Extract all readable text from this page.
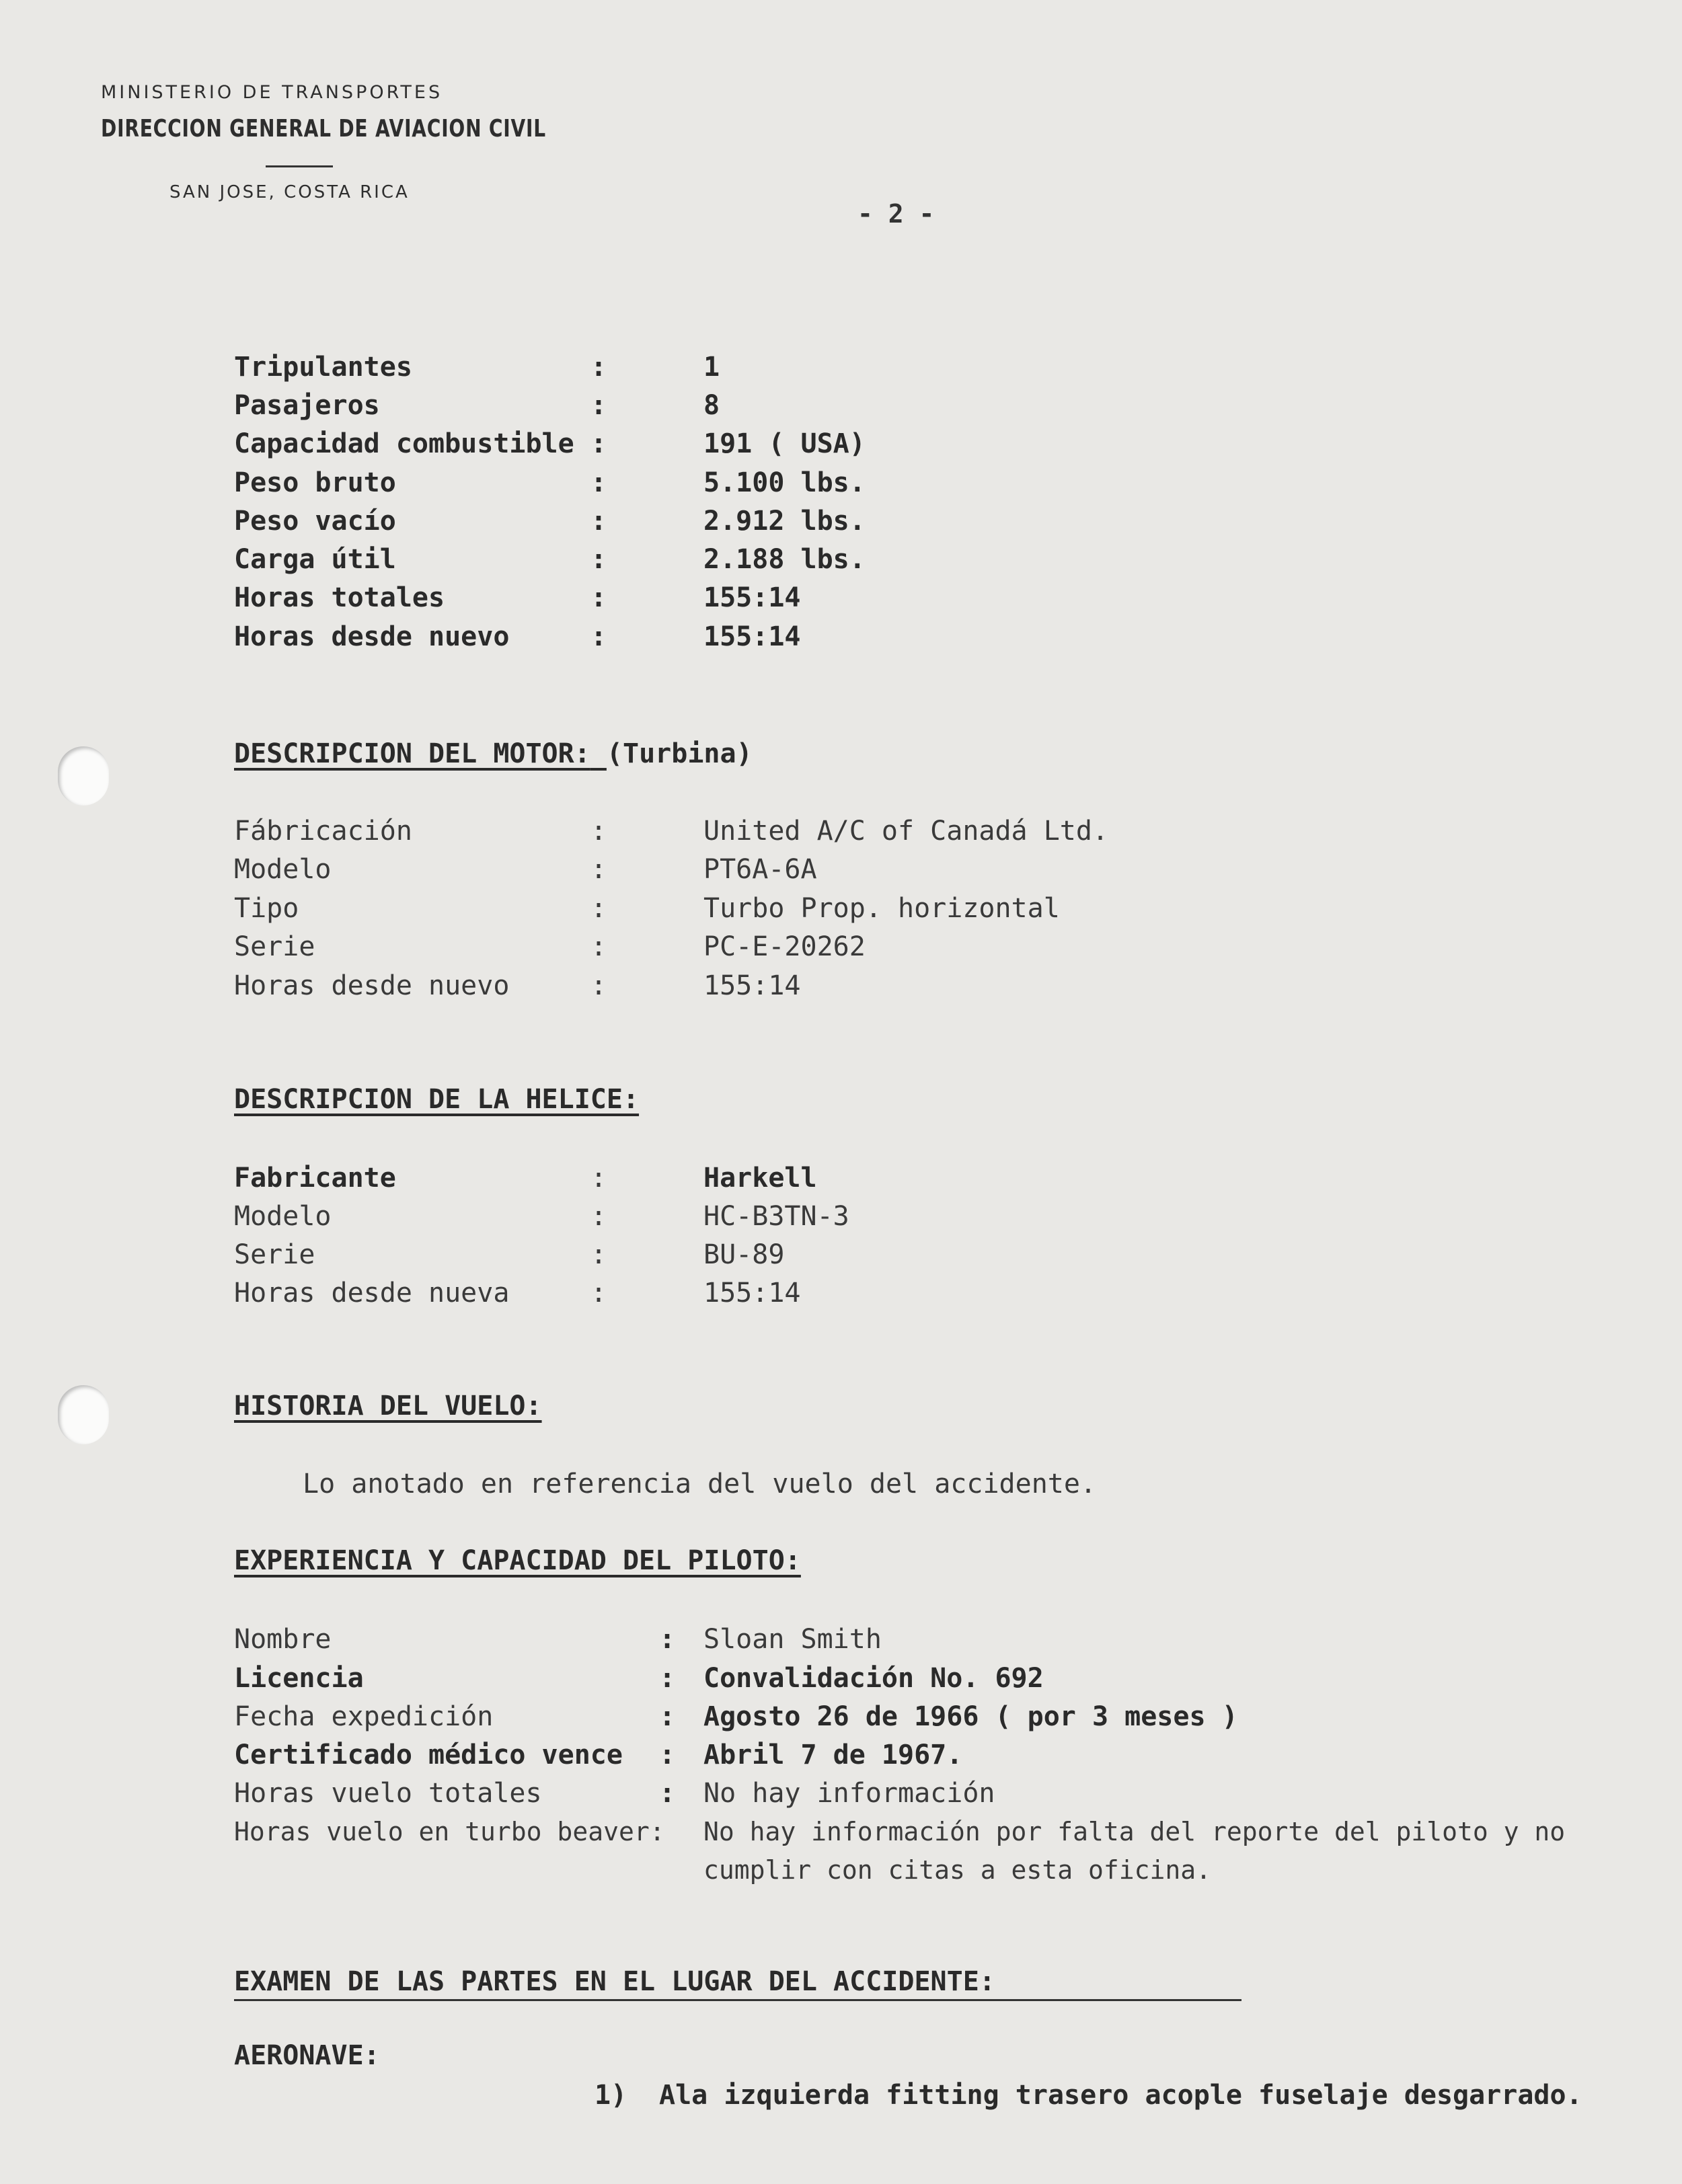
MINISTERIO DE TRANSPORTES
DIRECCION GENERAL DE AVIACION CIVIL
SAN JOSE, COSTA RICA
- 2 -
Tripulantes	:	1
Pasajeros	:	8
Capacidad combustible :	191 ( USA)
Peso bruto	:	5.100 lbs.
Peso vacío	:	2.912 lbs.
Carga útil	:	2.188 lbs.
Horas totales	:	155:14
Horas desde nuevo	:	155:14
DESCRIPCION DEL MOTOR: (Turbina)
Fábricación	:	United A/C of Canadá Ltd.
Modelo	:	PT6A-6A
Tipo	:	Turbo Prop. horizontal
Serie	:	PC-E-20262
Horas desde nuevo	:	155:14
DESCRIPCION DE LA HELICE:
Fabricante	:	Harkell
Modelo	:	HC-B3TN-3
Serie	:	BU-89
Horas desde nueva	:	155:14
HISTORIA DEL VUELO:
Lo anotado en referencia del vuelo del accidente.
EXPERIENCIA Y CAPACIDAD DEL PILOTO:
Nombre	: Sloan Smith
Licencia	: Convalidación No. 692
Fecha expedición	: Agosto 26 de 1966 ( por 3 meses )
Certificado médico vence : Abril 7 de 1967.
Horas vuelo totales	: No hay información
Horas vuelo en turbo beaver: No hay información por falta del reporte del piloto y no
cumplir con citas a esta oficina.
EXAMEN DE LAS PARTES EN EL LUGAR DEL ACCIDENTE:
AERONAVE:
1) Ala izquierda fitting trasero acople fuselaje desgarrado.
